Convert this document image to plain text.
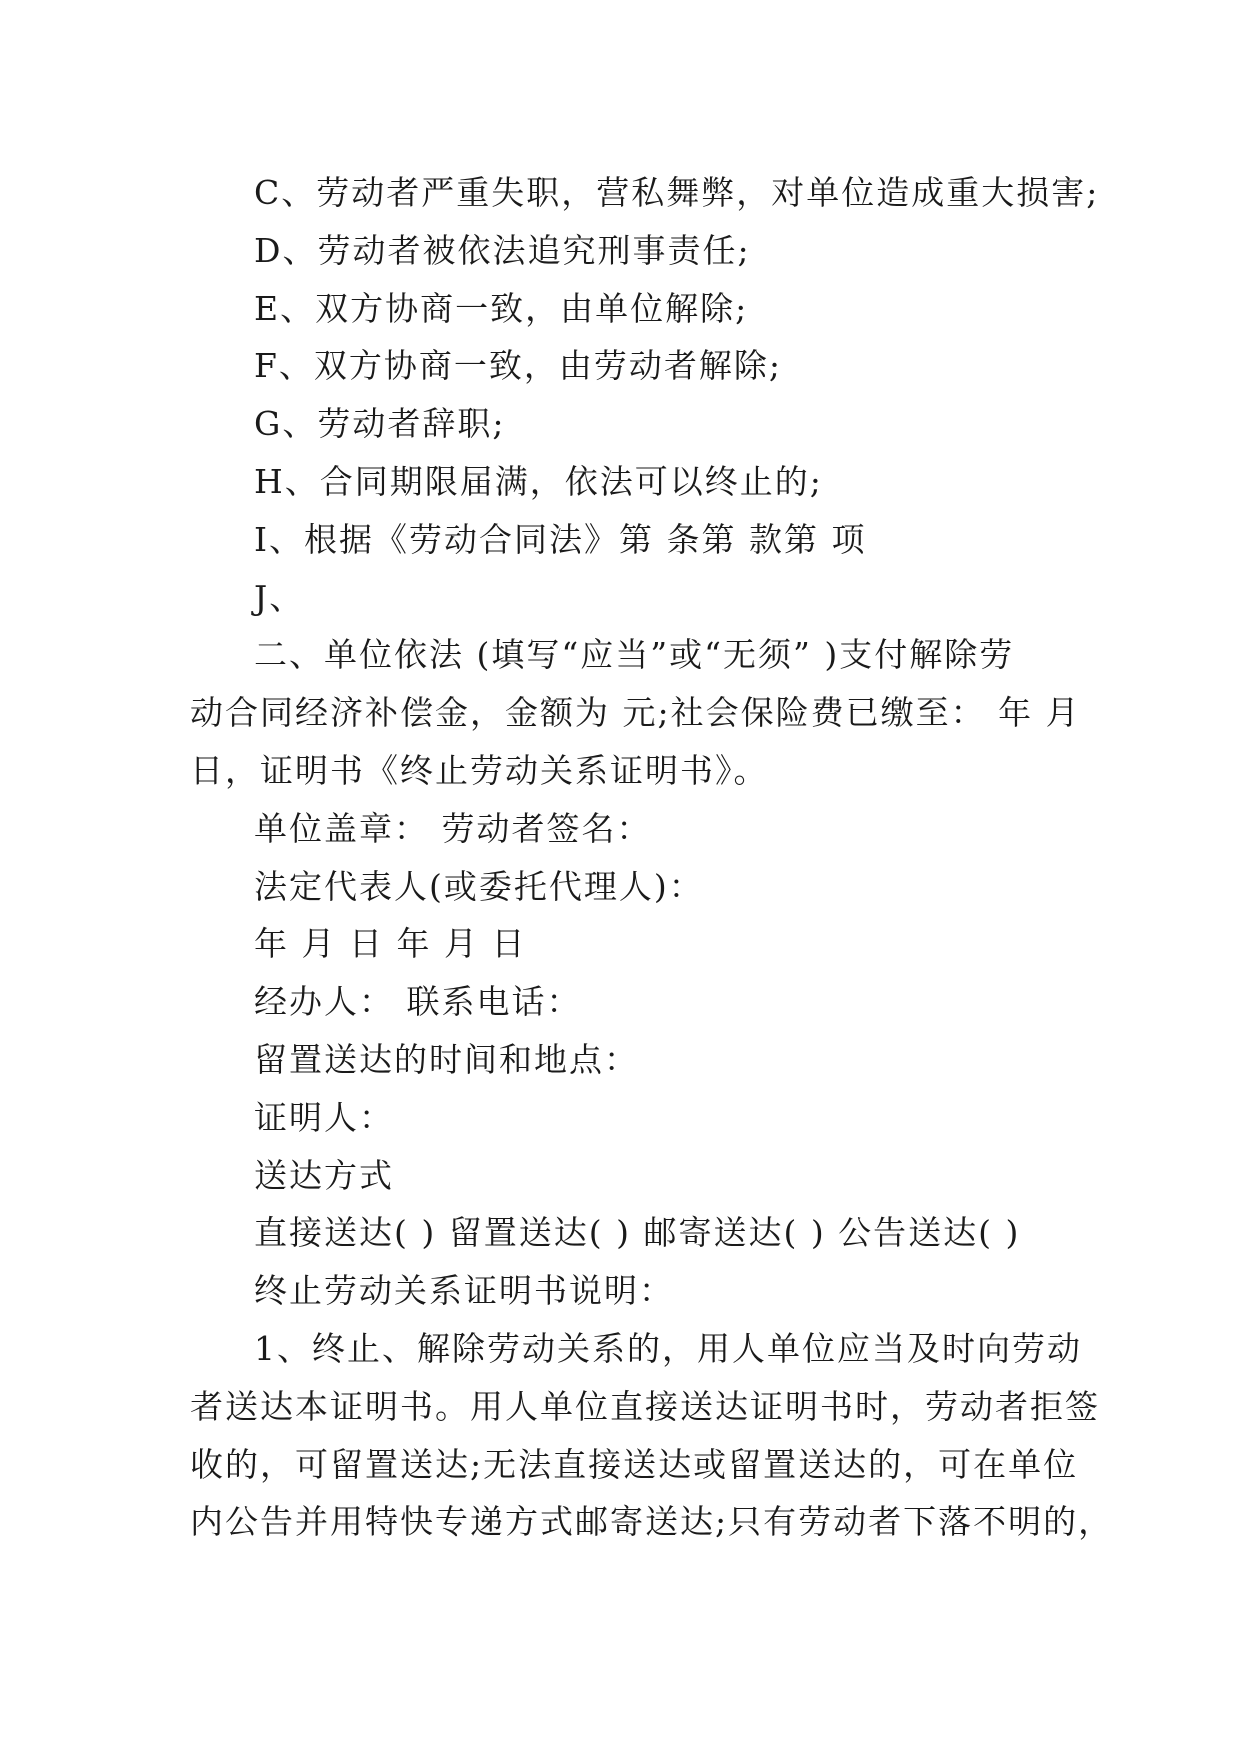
C、劳动者严重失职，营私舞弊，对单位造成重大损害;
D、劳动者被依法追究刑事责任;
E、双方协商一致，由单位解除;
F、双方协商一致，由劳动者解除;
G、劳动者辞职;
H、合同期限届满，依法可以终止的;
I、根据《劳动合同法》第 条第 款第 项
J、
二、单位依法 (填写“应当”或“无须” )支付解除劳
动合同经济补偿金，金额为 元;社会保险费已缴至： 年 月
日，证明书《终止劳动关系证明书》。
单位盖章： 劳动者签名：
法定代表人(或委托代理人)：
年 月 日 年 月 日
经办人： 联系电话：
留置送达的时间和地点：
证明人：
送达方式
直接送达( ) 留置送达( ) 邮寄送达( ) 公告送达( )
终止劳动关系证明书说明：
1、终止、解除劳动关系的，用人单位应当及时向劳动
者送达本证明书。用人单位直接送达证明书时，劳动者拒签
收的，可留置送达;无法直接送达或留置送达的，可在单位
内公告并用特快专递方式邮寄送达;只有劳动者下落不明的，
